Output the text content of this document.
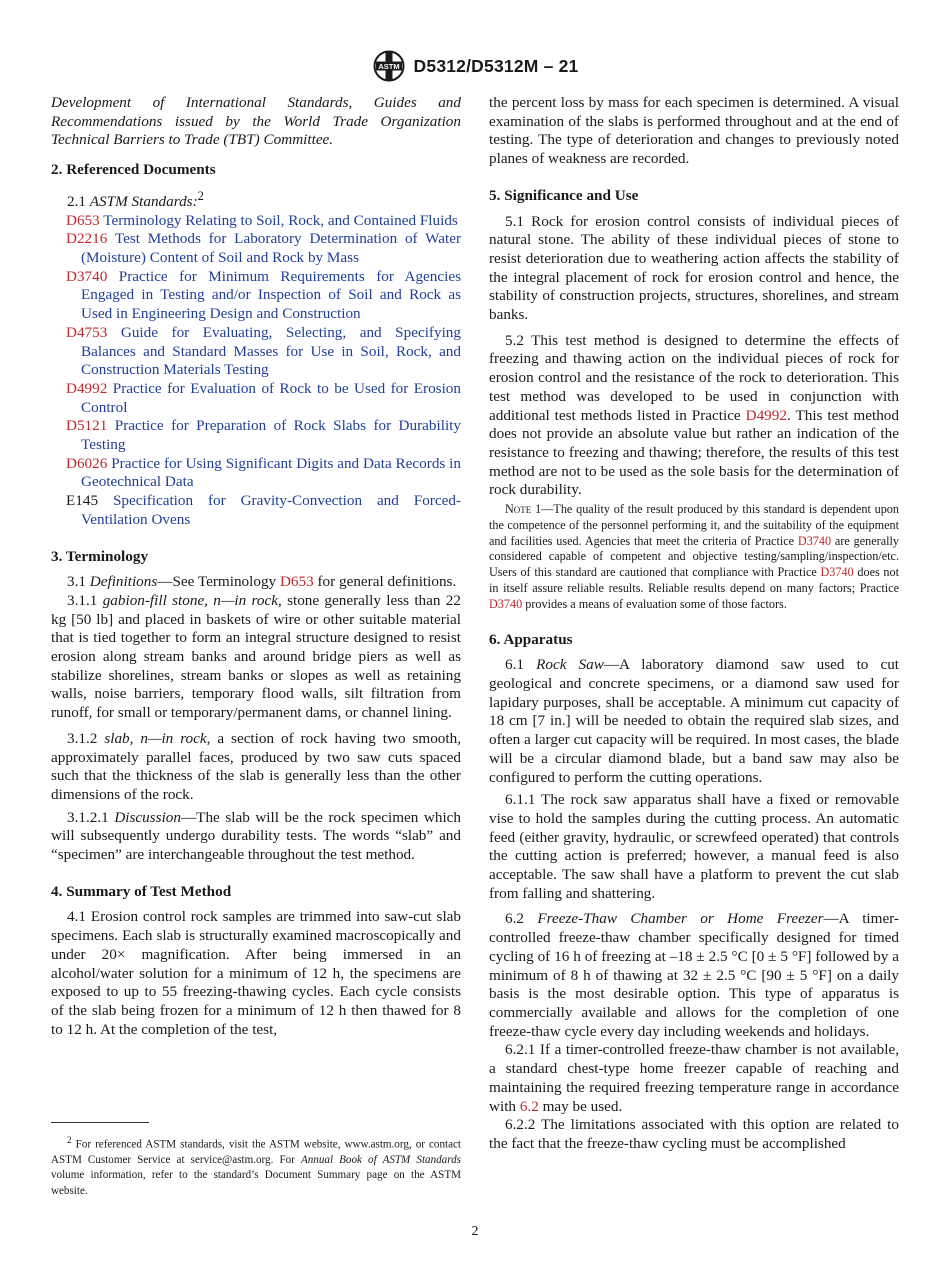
ASTM D5312/D5312M – 21

Development of International Standards, Guides and Recommendations issued by the World Trade Organization Technical Barriers to Trade (TBT) Committee.

2. Referenced Documents

2.1 ASTM Standards:$^2$

D653 Terminology Relating to Soil, Rock, and Contained Fluids

D2216 Test Methods for Laboratory Determination of Water (Moisture) Content of Soil and Rock by Mass

D3740 Practice for Minimum Requirements for Agencies Engaged in Testing and/or Inspection of Soil and Rock as Used in Engineering Design and Construction

D4753 Guide for Evaluating, Selecting, and Specifying Balances and Standard Masses for Use in Soil, Rock, and Construction Materials Testing

D4992 Practice for Evaluation of Rock to be Used for Erosion Control

D5121 Practice for Preparation of Rock Slabs for Durability Testing

D6026 Practice for Using Significant Digits and Data Records in Geotechnical Data

E145 Specification for Gravity-Convection and Forced-Ventilation Ovens

3. Terminology

3.1 Definitions—See Terminology D653 for general definitions.

3.1.1 gabion-fill stone, n—in rock, stone generally less than 22 kg [50 lb] and placed in baskets of wire or other suitable material that is tied together to form an integral structure designed to resist erosion along stream banks and around bridge piers as well as stabilize shorelines, stream banks or slopes as well as retaining walls, noise barriers, temporary flood walls, silt filtration from runoff, for small or temporary/permanent dams, or channel lining.

3.1.2 slab, n—in rock, a section of rock having two smooth, approximately parallel faces, produced by two saw cuts spaced such that the thickness of the slab is generally less than the other dimensions of the rock.

3.1.2.1 Discussion—The slab will be the rock specimen which will subsequently undergo durability tests. The words “slab” and “specimen” are interchangeable throughout the test method.

4. Summary of Test Method

4.1 Erosion control rock samples are trimmed into saw-cut slab specimens. Each slab is structurally examined macroscopically and under 20× magnification. After being immersed in an alcohol/water solution for a minimum of 12 h, the specimens are exposed to up to 55 freezing-thawing cycles. Each cycle consists of the slab being frozen for a minimum of 12 h then thawed for 8 to 12 h. At the completion of the test,

the percent loss by mass for each specimen is determined. A visual examination of the slabs is performed throughout and at the end of testing. The type of deterioration and changes to previously noted planes of weakness are recorded.

5. Significance and Use

5.1 Rock for erosion control consists of individual pieces of natural stone. The ability of these individual pieces of stone to resist deterioration due to weathering action affects the stability of the integral placement of rock for erosion control and hence, the stability of construction projects, structures, shorelines, and stream banks.

5.2 This test method is designed to determine the effects of freezing and thawing action on the individual pieces of rock for erosion control and the resistance of the rock to deterioration. This test method was developed to be used in conjunction with additional test methods listed in Practice D4992. This test method does not provide an absolute value but rather an indication of the resistance to freezing and thawing; therefore, the results of this test method are not to be used as the sole basis for the determination of rock durability.

Note 1—The quality of the result produced by this standard is dependent upon the competence of the personnel performing it, and the suitability of the equipment and facilities used. Agencies that meet the criteria of Practice D3740 are generally considered capable of competent and objective testing/sampling/inspection/etc. Users of this standard are cautioned that compliance with Practice D3740 does not in itself assure reliable results. Reliable results depend on many factors; Practice D3740 provides a means of evaluation some of those factors.

6. Apparatus

6.1 Rock Saw—A laboratory diamond saw used to cut geological and concrete specimens, or a diamond saw used for lapidary purposes, shall be acceptable. A minimum cut capacity of 18 cm [7 in.] will be needed to obtain the required slab sizes, and often a larger cut capacity will be required. In most cases, the blade will be a circular diamond blade, but a band saw may also be configured to perform the cutting operations.

6.1.1 The rock saw apparatus shall have a fixed or removable vise to hold the samples during the cutting process. An automatic feed (either gravity, hydraulic, or screwfeed operated) that controls the cutting action is preferred; however, a manual feed is also acceptable. The saw shall have a platform to prevent the cut slab from falling and shattering.

6.2 Freeze-Thaw Chamber or Home Freezer—A timer-controlled freeze-thaw chamber specifically designed for timed cycling of 16 h of freezing at –18 ± 2.5 °C [0 ± 5 °F] followed by a minimum of 8 h of thawing at 32 ± 2.5 °C [90 ± 5 °F] on a daily basis is the most desirable option. This type of apparatus is commercially available and allows for the completion of one freeze-thaw cycle every day including weekends and holidays.

6.2.1 If a timer-controlled freeze-thaw chamber is not available, a standard chest-type home freezer capable of reaching and maintaining the required freezing temperature range in accordance with 6.2 may be used.

6.2.2 The limitations associated with this option are related to the fact that the freeze-thaw cycling must be accomplished

$^2$ For referenced ASTM standards, visit the ASTM website, www.astm.org, or contact ASTM Customer Service at service@astm.org. For Annual Book of ASTM Standards volume information, refer to the standard’s Document Summary page on the ASTM website.

2
